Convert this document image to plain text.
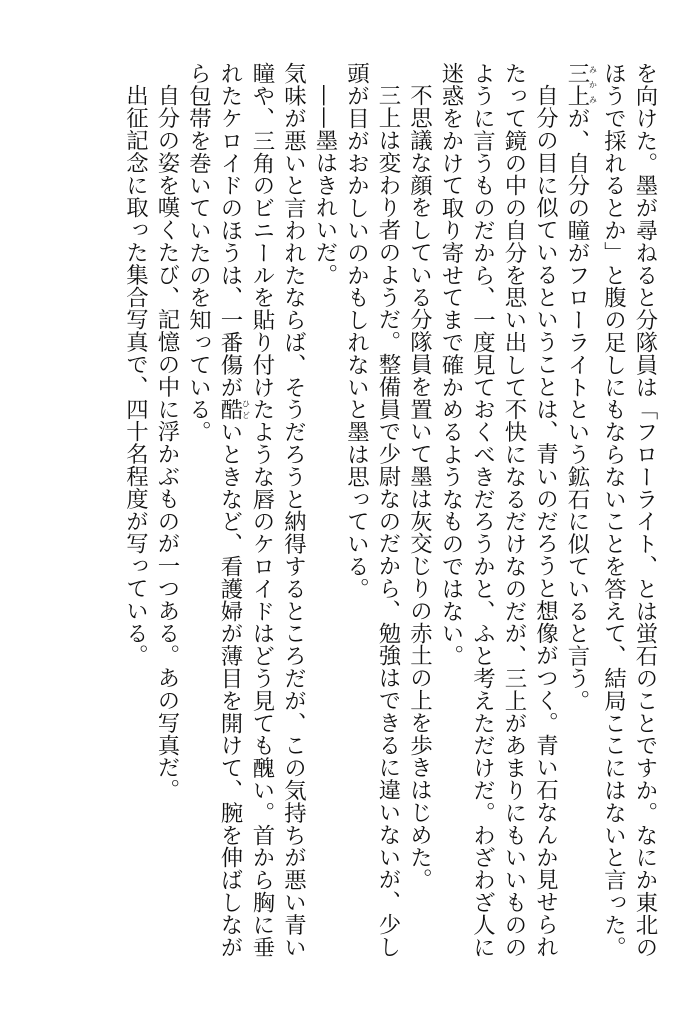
を向けた。墨が尋ねると分隊員は「フローライト、とは蛍石のことですか。なにか東北のほうで採れるとか」と腹の足しにもならないことを答えて、結局ここにはないと言った。

三上みかみが、自分の瞳がフローライトという鉱石に似ていると言う。

自分の目に似ているということは、青いのだろうと想像がつく。青い石なんか見せられたって鏡の中の自分を思い出して不快になるだけなのだが、三上があまりにもいいもののように言うものだから、一度見ておくべきだろうかと、ふと考えただけだ。わざわざ人に迷惑をかけて取り寄せてまで確かめるようなものではない。

不思議な顔をしている分隊員を置いて墨は灰交じりの赤土の上を歩きはじめた。

三上は変わり者のようだ。整備員で少尉なのだから、勉強はできるに違いないが、少し頭が目がおかしいのかもしれないと墨は思っている。

——墨はきれいだ。

気味が悪いと言われたならば、そうだろうと納得するところだが、この気持ちが悪い青い瞳や、三角のビニールを貼り付けたような唇のケロイドはどう見ても醜い。首から胸に垂れたケロイドのほうは、一番傷が酷ひどいときなど、看護婦が薄目を開けて、腕を伸ばしながら包帯を巻いていたのを知っている。

自分の姿を嘆くたび、記憶の中に浮かぶものが一つある。あの写真だ。

出征記念に取った集合写真で、四十名程度が写っている。
